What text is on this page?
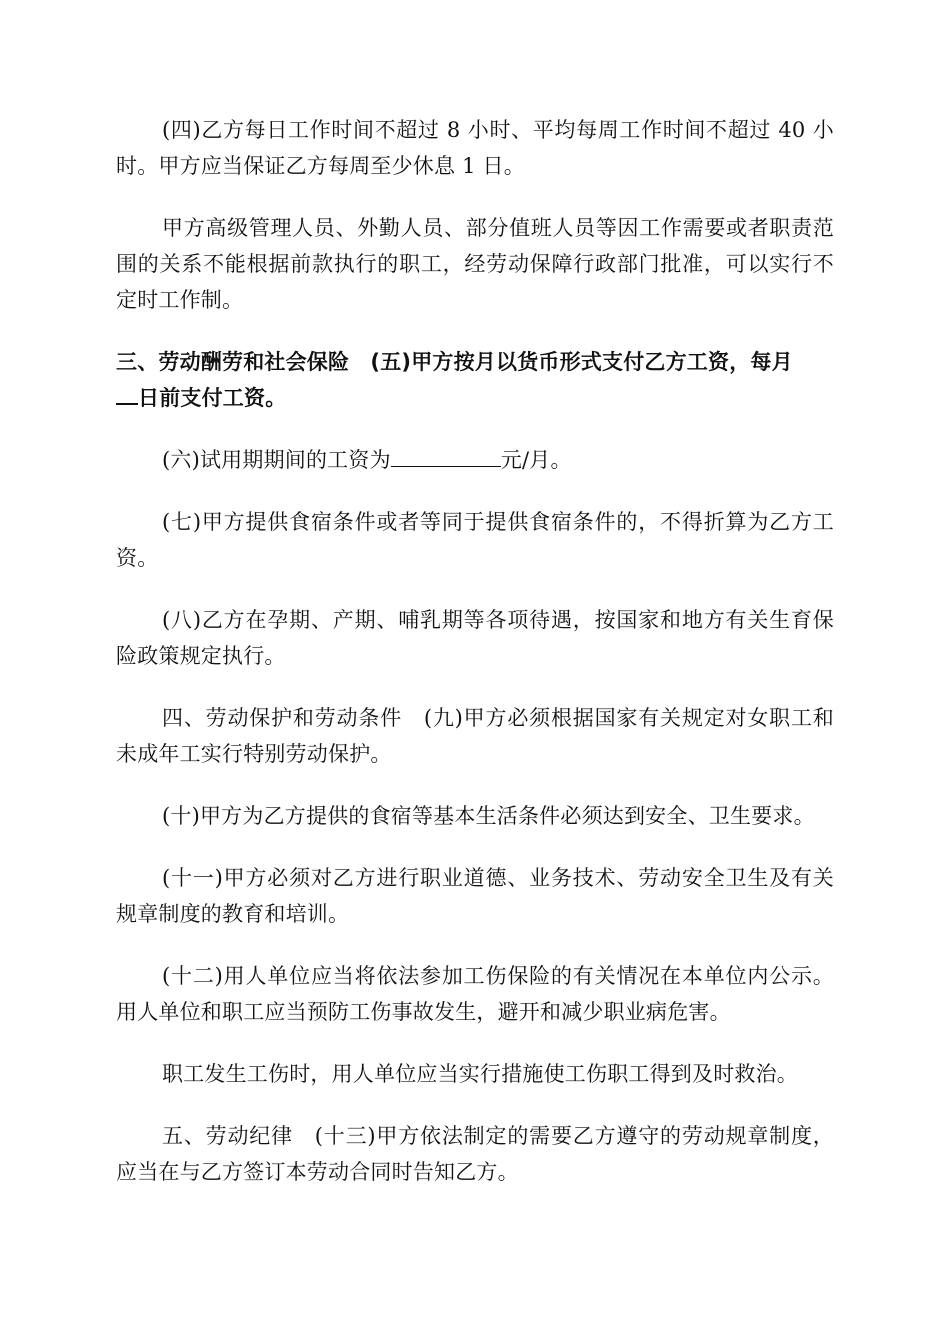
(四)乙方每日工作时间不超过 8 小时、平均每周工作时间不超过 40 小时。甲方应当保证乙方每周至少休息 1 日。

甲方高级管理人员、外勤人员、部分值班人员等因工作需要或者职责范围的关系不能根据前款执行的职工，经劳动保障行政部门批准，可以实行不定时工作制。

三、劳动酬劳和社会保险　(五)甲方按月以货币形式支付乙方工资，每月
日前支付工资。

(六)试用期期间的工资为	元/月。

(七)甲方提供食宿条件或者等同于提供食宿条件的，不得折算为乙方工资。

(八)乙方在孕期、产期、哺乳期等各项待遇，按国家和地方有关生育保险政策规定执行。

四、劳动保护和劳动条件　(九)甲方必须根据国家有关规定对女职工和未成年工实行特别劳动保护。

(十)甲方为乙方提供的食宿等基本生活条件必须达到安全、卫生要求。

(十一)甲方必须对乙方进行职业道德、业务技术、劳动安全卫生及有关规章制度的教育和培训。

(十二)用人单位应当将依法参加工伤保险的有关情况在本单位内公示。用人单位和职工应当预防工伤事故发生，避开和减少职业病危害。

职工发生工伤时，用人单位应当实行措施使工伤职工得到及时救治。

五、劳动纪律　(十三)甲方依法制定的需要乙方遵守的劳动规章制度，应当在与乙方签订本劳动合同时告知乙方。
